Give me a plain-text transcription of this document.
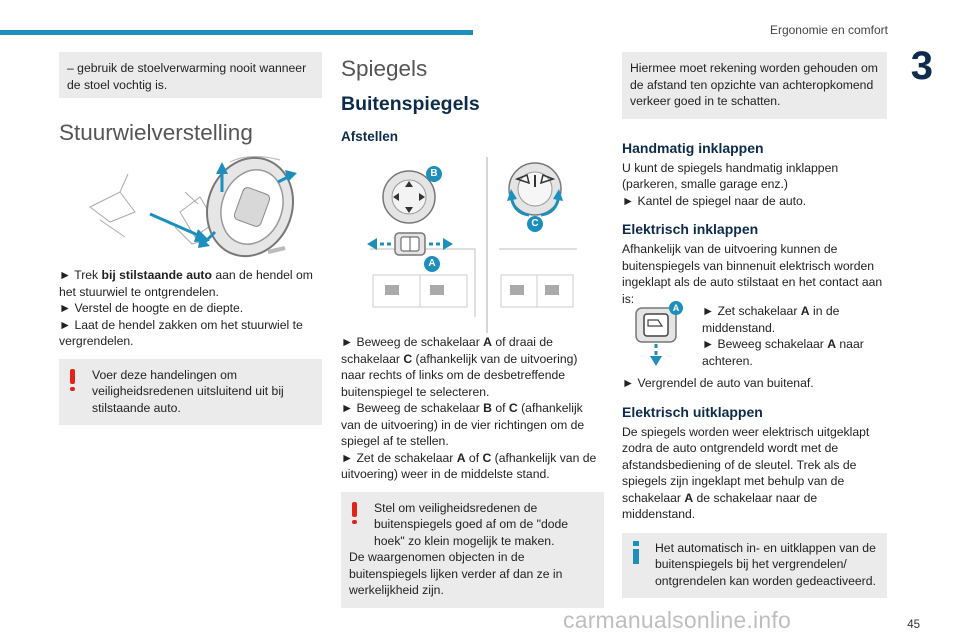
Ergonomie en comfort
3
– gebruik de stoelverwarming nooit wanneer de stoel vochtig is.
Stuurwielverstelling
► Trek bij stilstaande auto aan de hendel om het stuurwiel te ontgrendelen.
► Verstel de hoogte en de diepte.
► Laat de hendel zakken om het stuurwiel te vergrendelen.
Voer deze handelingen om veiligheidsredenen uitsluitend uit bij stilstaande auto.
Spiegels
Buitenspiegels
Afstellen
B
A
C
► Beweeg de schakelaar A of draai de schakelaar C (afhankelijk van de uitvoering) naar rechts of links om de desbetreffende buitenspiegel te selecteren.
► Beweeg de schakelaar B of C (afhankelijk van de uitvoering) in de vier richtingen om de spiegel af te stellen.
► Zet de schakelaar A of C (afhankelijk van de uitvoering) weer in de middelste stand.
Stel om veiligheidsredenen de buitenspiegels goed af om de "dode hoek" zo klein mogelijk te maken.
De waargenomen objecten in de buitenspiegels lijken verder af dan ze in werkelijkheid zijn.
Hiermee moet rekening worden gehouden om de afstand ten opzichte van achteropkomend verkeer goed in te schatten.
Handmatig inklappen
U kunt de spiegels handmatig inklappen (parkeren, smalle garage enz.)
► Kantel de spiegel naar de auto.
Elektrisch inklappen
Afhankelijk van de uitvoering kunnen de buitenspiegels van binnenuit elektrisch worden ingeklapt als de auto stilstaat en het contact aan is:
A ► Zet schakelaar A in de middenstand.
► Beweeg schakelaar A naar achteren.
► Vergrendel de auto van buitenaf.
Elektrisch uitklappen
De spiegels worden weer elektrisch uitgeklapt zodra de auto ontgrendeld wordt met de afstandsbediening of de sleutel. Trek als de spiegels zijn ingeklapt met behulp van de schakelaar A de schakelaar naar de middenstand.
Het automatisch in- en uitklappen van de buitenspiegels bij het vergrendelen/ ontgrendelen kan worden gedeactiveerd.
carmanualsonline.info	45
